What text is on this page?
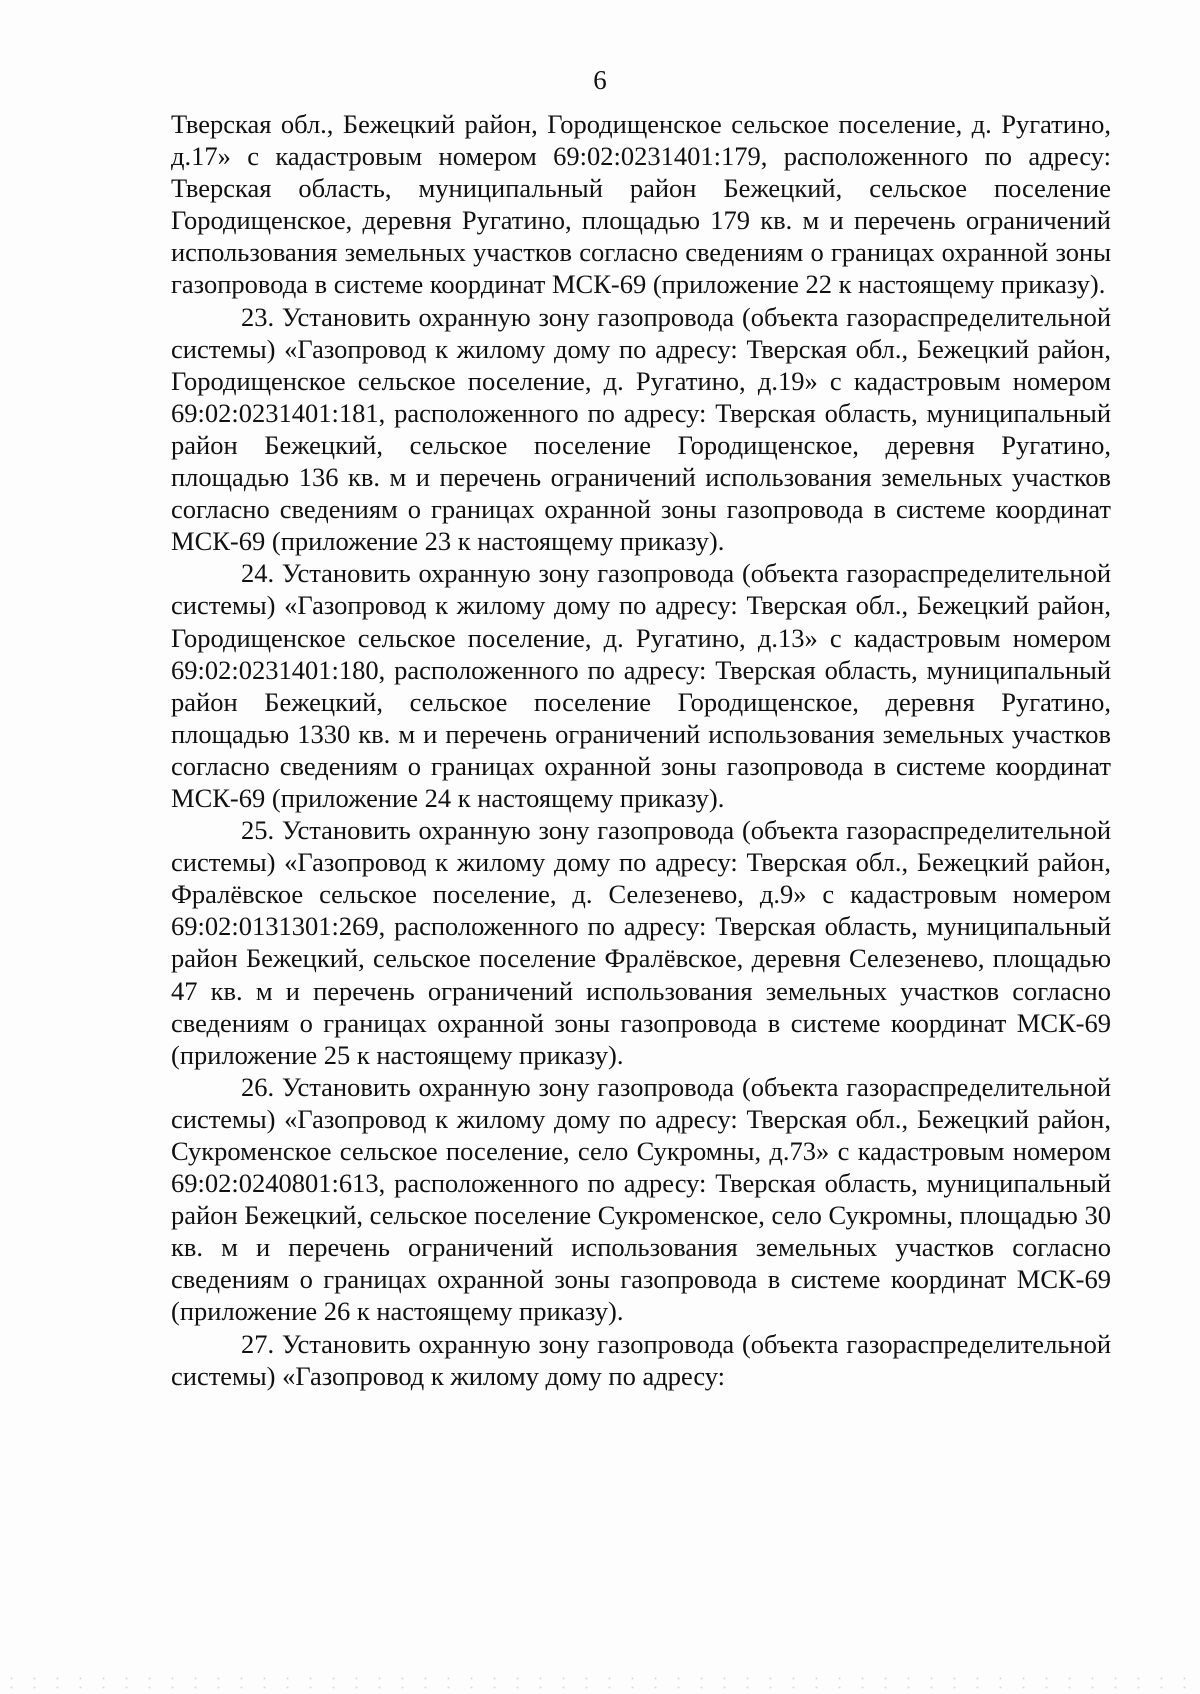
6

Тверская обл., Бежецкий район, Городищенское сельское поселение, д. Ругатино, д.17» с кадастровым номером 69:02:0231401:179, расположенного по адресу: Тверская область, муниципальный район Бежецкий, сельское поселение Городищенское, деревня Ругатино, площадью 179 кв. м и перечень ограничений использования земельных участков согласно сведениям о границах охранной зоны газопровода в системе координат МСК-69 (приложение 22 к настоящему приказу).

23. Установить охранную зону газопровода (объекта газораспределительной системы) «Газопровод к жилому дому по адресу: Тверская обл., Бежецкий район, Городищенское сельское поселение, д. Ругатино, д.19» с кадастровым номером 69:02:0231401:181, расположенного по адресу: Тверская область, муниципальный район Бежецкий, сельское поселение Городищенское, деревня Ругатино, площадью 136 кв. м и перечень ограничений использования земельных участков согласно сведениям о границах охранной зоны газопровода в системе координат МСК-69 (приложение 23 к настоящему приказу).

24. Установить охранную зону газопровода (объекта газораспределительной системы) «Газопровод к жилому дому по адресу: Тверская обл., Бежецкий район, Городищенское сельское поселение, д. Ругатино, д.13» с кадастровым номером 69:02:0231401:180, расположенного по адресу: Тверская область, муниципальный район Бежецкий, сельское поселение Городищенское, деревня Ругатино, площадью 1330 кв. м и перечень ограничений использования земельных участков согласно сведениям о границах охранной зоны газопровода в системе координат МСК-69 (приложение 24 к настоящему приказу).

25. Установить охранную зону газопровода (объекта газораспределительной системы) «Газопровод к жилому дому по адресу: Тверская обл., Бежецкий район, Фралёвское сельское поселение, д. Селезенево, д.9» с кадастровым номером 69:02:0131301:269, расположенного по адресу: Тверская область, муниципальный район Бежецкий, сельское поселение Фралёвское, деревня Селезенево, площадью 47 кв. м и перечень ограничений использования земельных участков согласно сведениям о границах охранной зоны газопровода в системе координат МСК-69 (приложение 25 к настоящему приказу).

26. Установить охранную зону газопровода (объекта газораспределительной системы) «Газопровод к жилому дому по адресу: Тверская обл., Бежецкий район, Сукроменское сельское поселение, село Сукромны, д.73» с кадастровым номером 69:02:0240801:613, расположенного по адресу: Тверская область, муниципальный район Бежецкий, сельское поселение Сукроменское, село Сукромны, площадью 30 кв. м и перечень ограничений использования земельных участков согласно сведениям о границах охранной зоны газопровода в системе координат МСК-69 (приложение 26 к настоящему приказу).

27. Установить охранную зону газопровода (объекта газораспределительной системы) «Газопровод к жилому дому по адресу:
